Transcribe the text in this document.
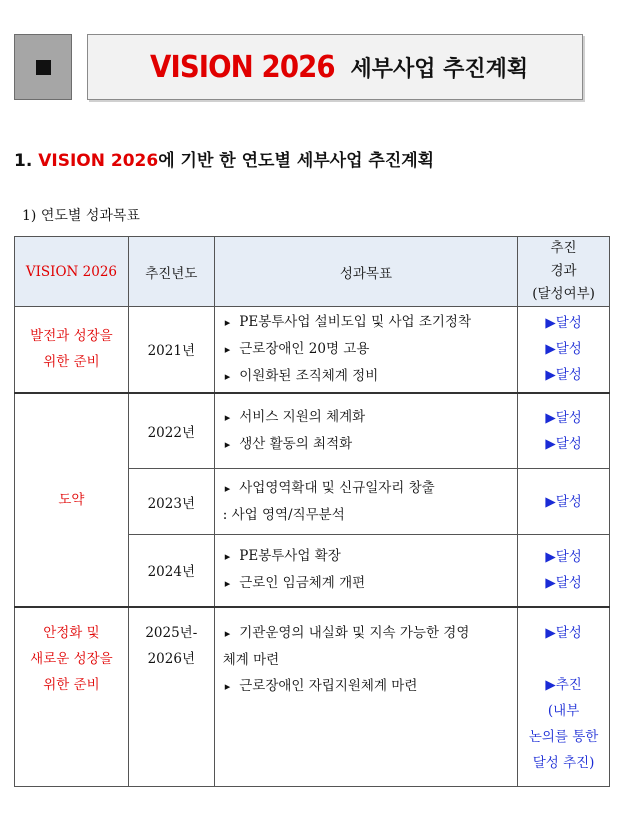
VISION 2026 세부사업 추진계획
1. VISION 2026에 기반 한 연도별 세부사업 추진계획
1) 연도별 성과목표
VISION 2026	추진년도	성과목표	추진
경과
(달성여부)

발전과 성장을
위한 준비	2021년	▸ PE봉투사업 설비도입 및 사업 조기정착
▸ 근로장애인 20명 고용
▸ 이원화된 조직체계 정비	▶달성
▶달성
▶달성

도약	2022년	▸ 서비스 지원의 체계화
▸ 생산 활동의 최적화	▶달성
▶달성

	2023년	▸ 사업영역확대 및 신규일자리 창출
: 사업 영역/직무분석	▶달성

	2024년	▸ PE봉투사업 확장
▸ 근로인 임금체계 개편	▶달성
▶달성

안정화 및
새로운 성장을
위한 준비	2025년-
2026년	▸ 기관운영의 내실화 및 지속 가능한 경영
체계 마련
▸ 근로장애인 자립지원체계 마련	▶달성
▶추진
(내부
논의를 통한
달성 추진)
